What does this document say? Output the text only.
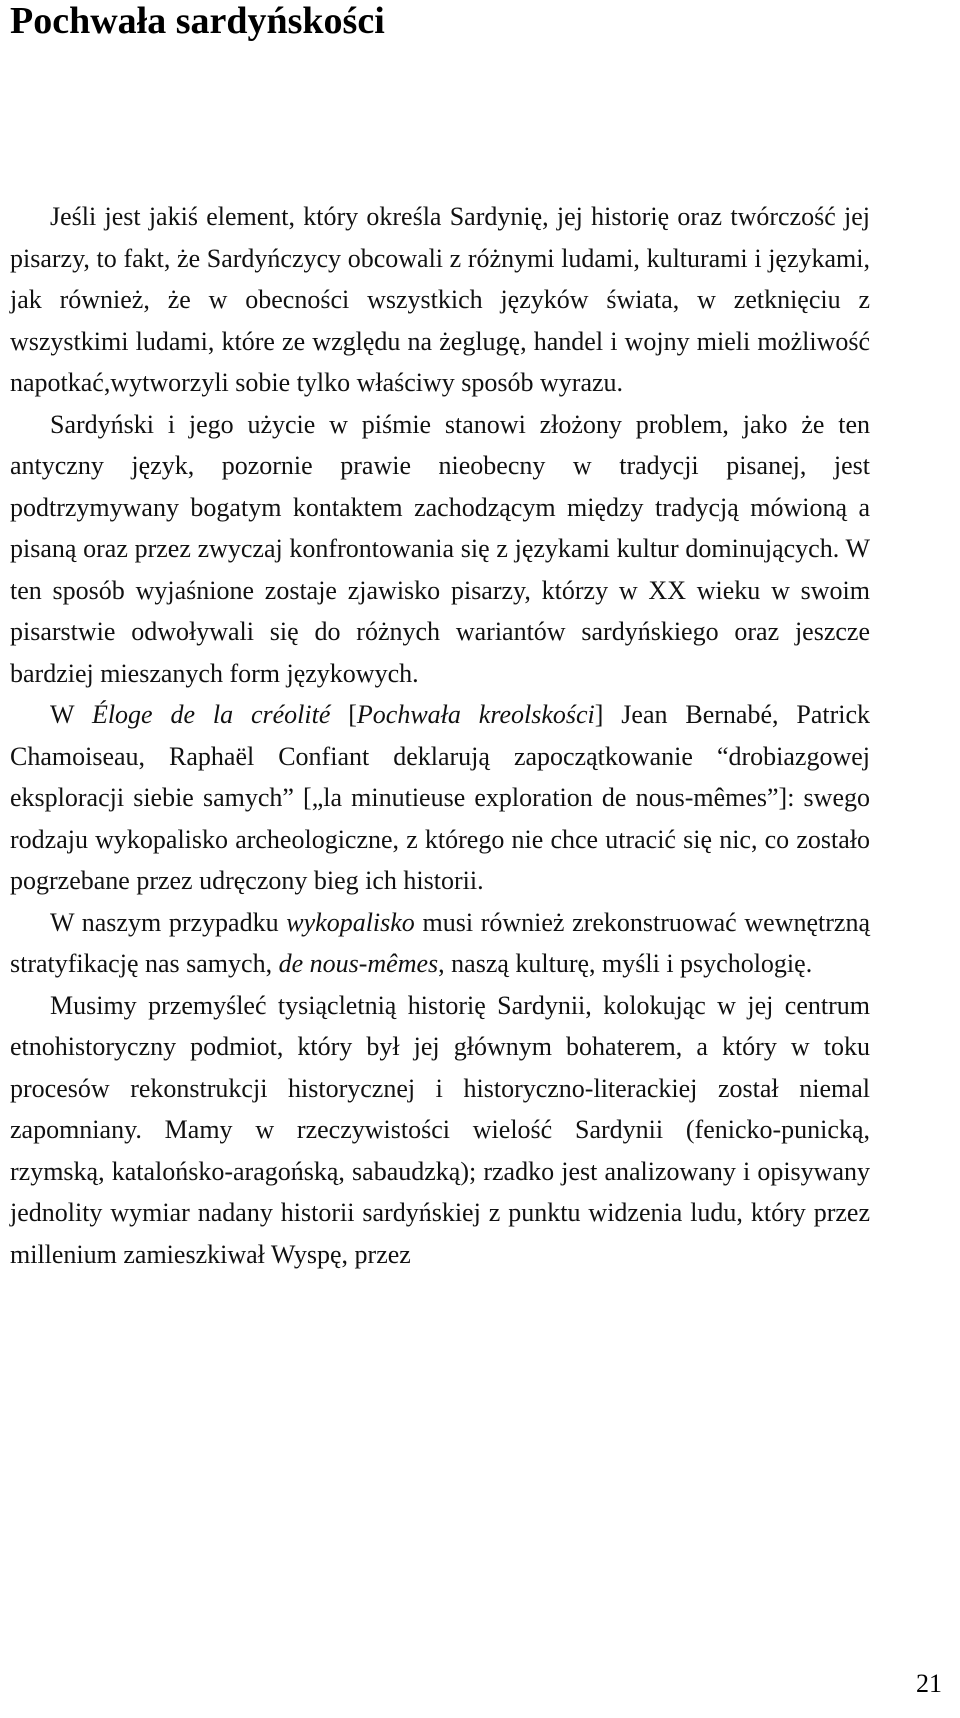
Pochwała sardyńskości

Jeśli jest jakiś element, który określa Sardynię, jej historię oraz twórczość jej pisarzy, to fakt, że Sardyńczycy obcowali z różnymi ludami, kulturami i językami, jak również, że w obecności wszystkich języków świata, w zetknięciu z wszystkimi ludami, które ze względu na żeglugę, handel i wojny mieli możliwość napotkać,wytworzyli sobie tylko właściwy sposób wyrazu.

Sardyński i jego użycie w piśmie stanowi złożony problem, jako że ten antyczny język, pozornie prawie nieobecny w tradycji pisanej, jest podtrzymywany bogatym kontaktem zachodzącym między tradycją mówioną a pisaną oraz przez zwyczaj konfrontowania się z językami kultur dominujących. W ten sposób wyjaśnione zostaje zjawisko pisarzy, którzy w XX wieku w swoim pisarstwie odwoływali się do różnych wariantów sardyńskiego oraz jeszcze bardziej mieszanych form językowych.

W Éloge de la créolité [Pochwała kreolskości] Jean Bernabé, Patrick Chamoiseau, Raphaël Confiant deklarują zapoczątkowanie “drobiazgowej eksploracji siebie samych” [„la minutieuse exploration de nous-mêmes”]: swego rodzaju wykopalisko archeologiczne, z którego nie chce utracić się nic, co zostało pogrzebane przez udręczony bieg ich historii.

W naszym przypadku wykopalisko musi również zrekonstruować wewnętrzną stratyfikację nas samych, de nous-mêmes, naszą kulturę, myśli i psychologię.

Musimy przemyśleć tysiącletnią historię Sardynii, kolokując w jej centrum etnohistoryczny podmiot, który był jej głównym bohaterem, a który w toku procesów rekonstrukcji historycznej i historyczno-literackiej został niemal zapomniany. Mamy w rzeczywistości wielość Sardynii (fenicko-punicką, rzymską, katalońsko-aragońską, sabaudzką); rzadko jest analizowany i opisywany jednolity wymiar nadany historii sardyńskiej z punktu widzenia ludu, który przez millenium zamieszkiwał Wyspę, przez

21
